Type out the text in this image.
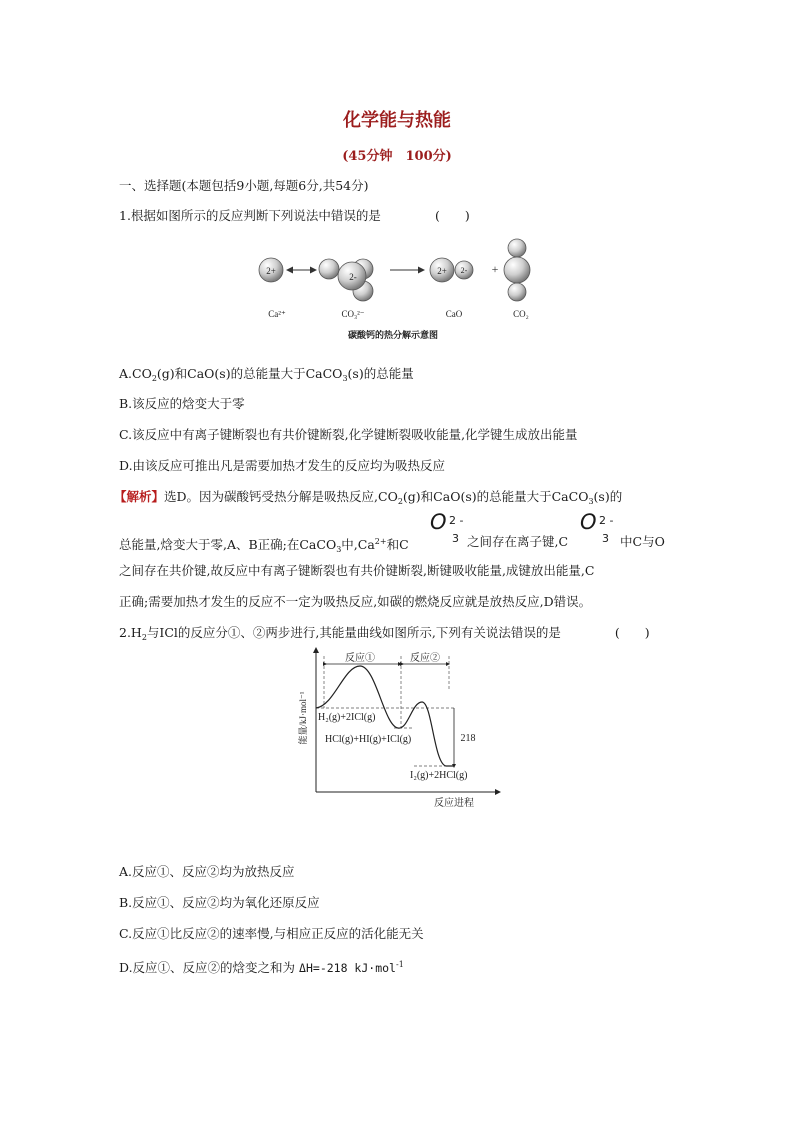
化学能与热能
(45分钟　100分)
一、选择题(本题包括9小题,每题6分,共54分)
1.根据如图所示的反应判断下列说法中错误的是	(　　)
2+
2-
2+ 2- +
Ca²⁺	CO₃²⁻	CaO	CO₂
碳酸钙的热分解示意图
$A.CO_2(g)$和CaO(s)的总能量大于CaCO$_3$(s)的总能量
B.该反应的焓变大于零
C.该反应中有离子键断裂也有共价键断裂,化学键断裂吸收能量,化学键生成放出能量
D.由该反应可推出凡是需要加热才发生的反应均为吸热反应
【解析】选D。因为碳酸钙受热分解是吸热反应$,CO_2(g)$和CaO(s)的总能量大于CaCO$_3$(s)的
总能量,焓变大于零,A、B正确;在CaCO$_3$中$,Ca^{2+}$和C
O 2 -
3 之间存在离子键,C
O 2 -
3 中C与O
之间存在共价键,故反应中有离子键断裂也有共价键断裂,断键吸收能量,成键放出能量,C
正确;需要加热才发生的反应不一定为吸热反应,如碳的燃烧反应就是放热反应,D错误。
$2.H_2$与ICl的反应分①、②两步进行,其能量曲线如图所示,下列有关说法错误的是	(　　)
能量/kJ·mol⁻¹
反应进程
反应①	反应②
218
H₂(g)+2ICl(g)
HCl(g)+HI(g)+ICl(g)
I₂(g)+2HCl(g)
A.反应①、反应②均为放热反应
B.反应①、反应②均为氧化还原反应
C.反应①比反应②的速率慢,与相应正反应的活化能无关
D.反应①、反应②的焓变之和为 ΔH=-218 kJ·mol$^{-1}$
